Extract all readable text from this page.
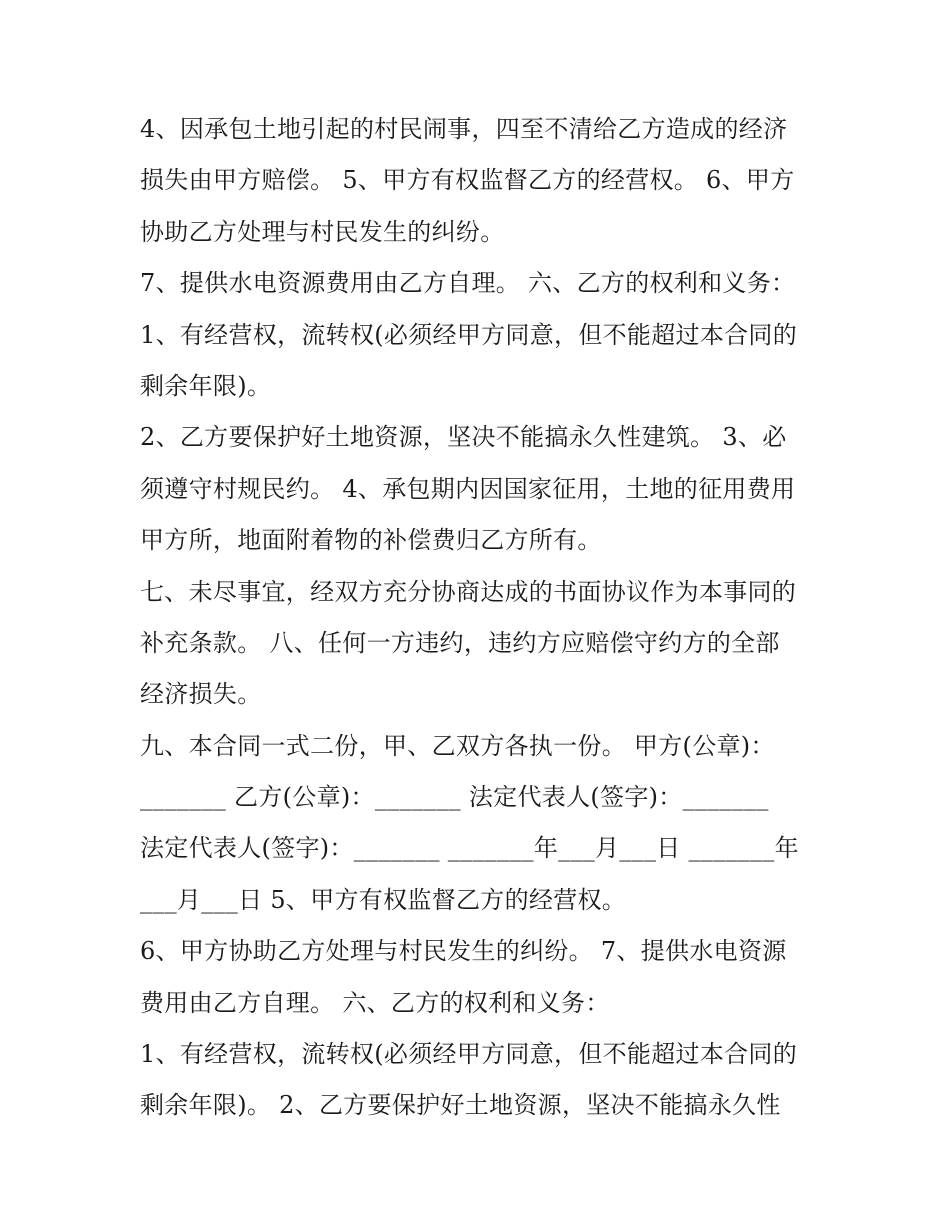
4、因承包土地引起的村民闹事，四至不清给乙方造成的经济
损失由甲方赔偿。 5、甲方有权监督乙方的经营权。 6、甲方
协助乙方处理与村民发生的纠纷。
7、提供水电资源费用由乙方自理。 六、乙方的权利和义务：
1、有经营权，流转权(必须经甲方同意，但不能超过本合同的
剩余年限)。
2、乙方要保护好土地资源，坚决不能搞永久性建筑。 3、必
须遵守村规民约。 4、承包期内因国家征用，土地的征用费用
甲方所，地面附着物的补偿费归乙方所有。
七、未尽事宜，经双方充分协商达成的书面协议作为本事同的
补充条款。 八、任何一方违约，违约方应赔偿守约方的全部
经济损失。
九、本合同一式二份，甲、乙双方各执一份。 甲方(公章)：
_______ 乙方(公章)：_______ 法定代表人(签字)：_______
法定代表人(签字)：_______ _______年___月___日 _______年
___月___日 5、甲方有权监督乙方的经营权。
6、甲方协助乙方处理与村民发生的纠纷。 7、提供水电资源
费用由乙方自理。 六、乙方的权利和义务：
1、有经营权，流转权(必须经甲方同意，但不能超过本合同的
剩余年限)。 2、乙方要保护好土地资源，坚决不能搞永久性
